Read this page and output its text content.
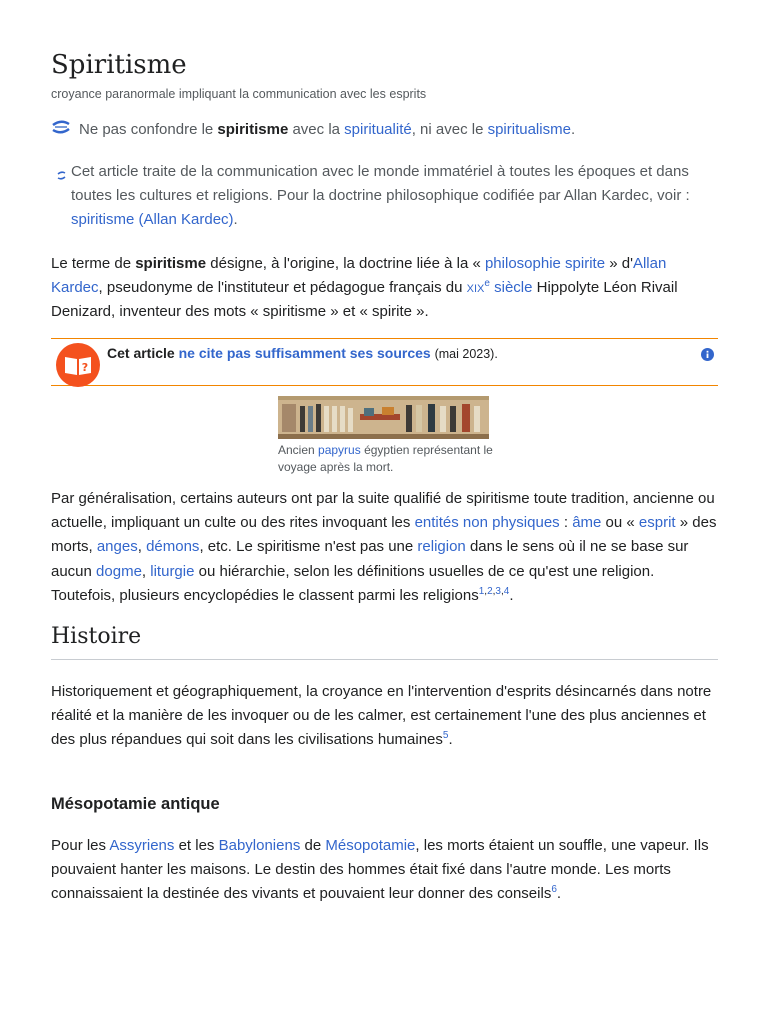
Spiritisme
croyance paranormale impliquant la communication avec les esprits
Ne pas confondre le spiritisme avec la spiritualité, ni avec le spiritualisme.
Cet article traite de la communication avec le monde immatériel à toutes les époques et dans toutes les cultures et religions. Pour la doctrine philosophique codifiée par Allan Kardec, voir : spiritisme (Allan Kardec).

Le terme de spiritisme désigne, à l'origine, la doctrine liée à la « philosophie spirite » d'Allan Kardec, pseudonyme de l'instituteur et pédagogue français du xix$^e$ siècle Hippolyte Léon Rivail Denizard, inventeur des mots « spiritisme » et « spirite ».

?
Cet article ne cite pas suffisamment ses sources (mai 2023).
Ancien papyrus égyptien représentant le voyage après la mort.

Par généralisation, certains auteurs ont par la suite qualifié de spiritisme toute tradition, ancienne ou actuelle, impliquant un culte ou des rites invoquant les entités non physiques : âme ou « esprit » des morts, anges, démons, etc. Le spiritisme n'est pas une religion dans le sens où il ne se base sur aucun dogme, liturgie ou hiérarchie, selon les définitions usuelles de ce qu'est une religion. Toutefois, plusieurs encyclopédies le classent parmi les religions$^{1,2,3,4}$.

Histoire

Historiquement et géographiquement, la croyance en l'intervention d'esprits désincarnés dans notre réalité et la manière de les invoquer ou de les calmer, est certainement l'une des plus anciennes et des plus répandues qui soit dans les civilisations humaines$^5$.

Mésopotamie antique

Pour les Assyriens et les Babyloniens de Mésopotamie, les morts étaient un souffle, une vapeur. Ils pouvaient hanter les maisons. Le destin des hommes était fixé dans l'autre monde. Les morts connaissaient la destinée des vivants et pouvaient leur donner des conseils$^6$.
